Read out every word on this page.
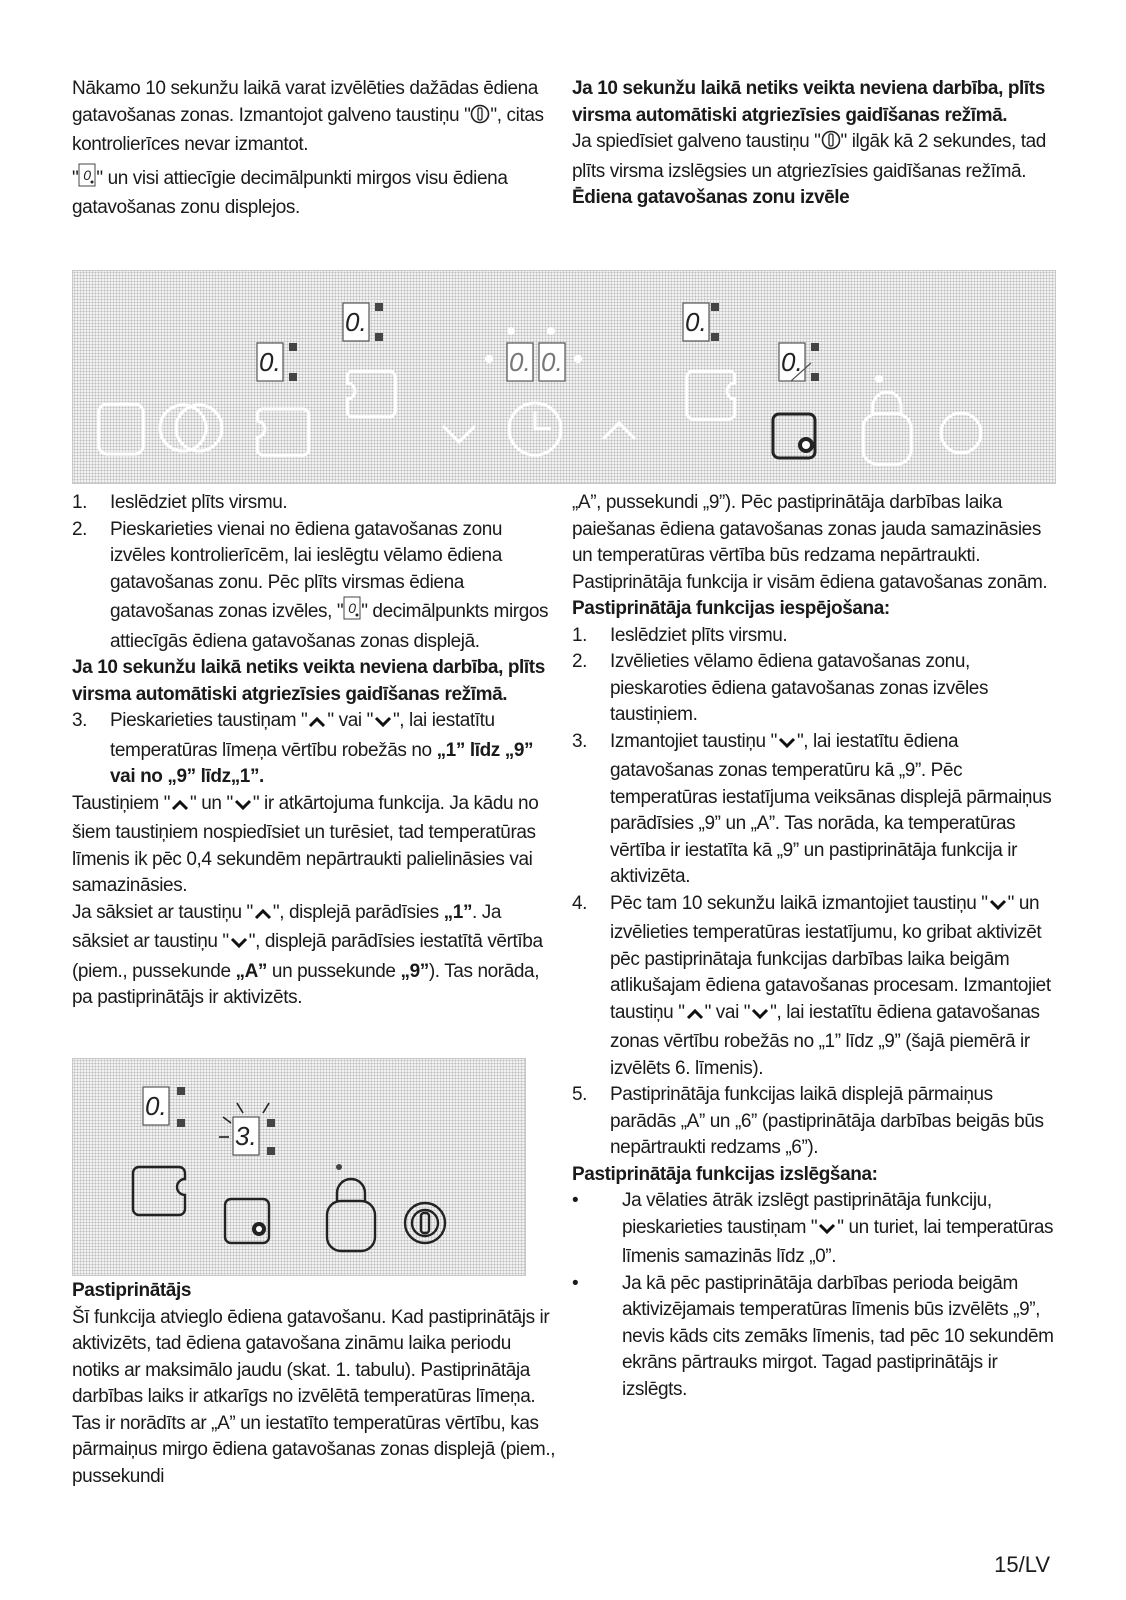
Nākamo 10 sekunžu laikā varat izvēlēties dažādas ēdiena gatavošanas zonas. Izmantojot galveno taustiņu " ", citas kontrolierīces nevar izmantot.

" 0 " un visi attiecīgie decimālpunkti mirgos visu ēdiena gatavošanas zonu displejos.

Ja 10 sekunžu laikā netiks veikta neviena darbība, plīts virsma automātiski atgriezīsies gaidīšanas režīmā.

Ja spiedīsiet galveno taustiņu " " ilgāk kā 2 sekundes, tad plīts virsma izslēgsies un atgriezīsies gaidīšanas režīmā.

Ēdiena gatavošanas zonu izvēle

0.
0.
0. 0.
0.
0.
1. Ieslēdziet plīts virsmu.
2. Pieskarieties vienai no ēdiena gatavošanas zonu izvēles kontrolierīcēm, lai ieslēgtu vēlamo ēdiena gatavošanas zonu. Pēc plīts virsmas ēdiena gatavošanas zonas izvēles, " 0 " decimālpunkts mirgos attiecīgās ēdiena gatavošanas zonas displejā.

Ja 10 sekunžu laikā netiks veikta neviena darbība, plīts virsma automātiski atgriezīsies gaidīšanas režīmā.

3. Pieskarieties taustiņam " " vai " ", lai iestatītu temperatūras līmeņa vērtību robežās no „1” līdz „9” vai no „9” līdz„1”.

Taustiņiem " " un " " ir atkārtojuma funkcija. Ja kādu no šiem taustiņiem nospiedīsiet un turēsiet, tad temperatūras līmenis ik pēc 0,4 sekundēm nepārtraukti palielināsies vai samazināsies.

Ja sāksiet ar taustiņu " ", displejā parādīsies „1”. Ja sāksiet ar taustiņu " ", displejā parādīsies iestatītā vērtība (piem., pussekunde „A” un pussekunde „9”). Tas norāda, pa pastiprinātājs ir aktivizēts.

0.
3.

Pastiprinātājs

Šī funkcija atvieglo ēdiena gatavošanu. Kad pastiprinātājs ir aktivizēts, tad ēdiena gatavošana zināmu laika periodu notiks ar maksimālo jaudu (skat. 1. tabulu). Pastiprinātāja darbības laiks ir atkarīgs no izvēlētā temperatūras līmeņa. Tas ir norādīts ar „A” un iestatīto temperatūras vērtību, kas pārmaiņus mirgo ēdiena gatavošanas zonas displejā (piem., pussekundi

„A”, pussekundi „9”). Pēc pastiprinātāja darbības laika paiešanas ēdiena gatavošanas zonas jauda samazināsies un temperatūras vērtība būs redzama nepārtraukti.

Pastiprinātāja funkcija ir visām ēdiena gatavošanas zonām.

Pastiprinātāja funkcijas iespējošana:

1. Ieslēdziet plīts virsmu.
2. Izvēlieties vēlamo ēdiena gatavošanas zonu, pieskaroties ēdiena gatavošanas zonas izvēles taustiņiem.
3. Izmantojiet taustiņu " ", lai iestatītu ēdiena gatavošanas zonas temperatūru kā „9”. Pēc temperatūras iestatījuma veiksānas displejā pārmaiņus parādīsies „9” un „A”. Tas norāda, ka temperatūras vērtība ir iestatīta kā „9” un pastiprinātāja funkcija ir aktivizēta.
4. Pēc tam 10 sekunžu laikā izmantojiet taustiņu " " un izvēlieties temperatūras iestatījumu, ko gribat aktivizēt pēc pastiprinātaja funkcijas darbības laika beigām atlikušajam ēdiena gatavošanas procesam. Izmantojiet taustiņu " " vai " ", lai iestatītu ēdiena gatavošanas zonas vērtību robežās no „1” līdz „9” (šajā piemērā ir izvēlēts 6. līmenis).
5. Pastiprinātāja funkcijas laikā displejā pārmaiņus parādās „A” un „6” (pastiprinātāja darbības beigās būs nepārtraukti redzams „6”).

Pastiprinātāja funkcijas izslēgšana:

•	Ja vēlaties ātrāk izslēgt pastiprinātāja funkciju, pieskarieties taustiņam " " un turiet, lai temperatūras līmenis samazinās līdz „0”.
•	Ja kā pēc pastiprinātāja darbības perioda beigām aktivizējamais temperatūras līmenis būs izvēlēts „9”, nevis kāds cits zemāks līmenis, tad pēc 10 sekundēm ekrāns pārtrauks mirgot. Tagad pastiprinātājs ir izslēgts.
15/LV
